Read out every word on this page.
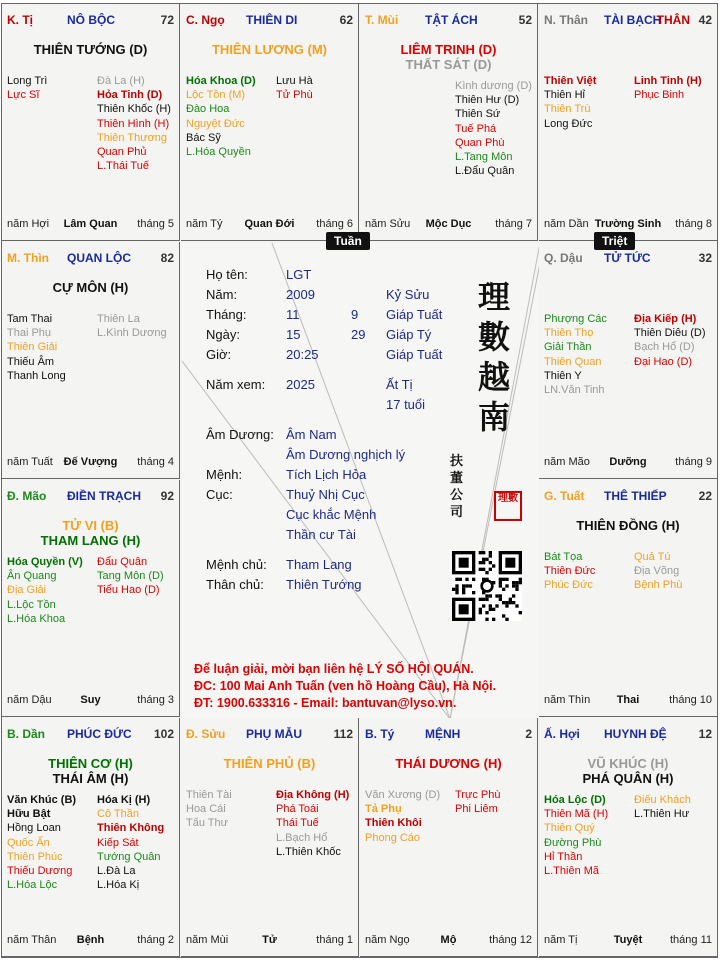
Họ tên:	LGT
Năm:	2009	Kỷ Sửu
Tháng:	11	9 Giáp Tuất
Ngày:	15	29 Giáp Tý
Giờ:	20:25	Giáp Tuất
Năm xem: 2025	Ất Tị
17 tuổi
Âm Dương: Âm Nam
Âm Dương nghịch lý
Mệnh:	Tích Lịch Hỏa
Cục:	Thuỷ Nhị Cục
Cục khắc Mệnh
Thần cư Tài
Mệnh chủ: Tham Lang
Thân chủ: Thiên Tướng
理
數
越
南
扶
董
公
司
理數
Để luận giải, mời bạn liên hệ LÝ SỐ HỘI QUÁN.
ĐC: 100 Mai Anh Tuấn (ven hồ Hoàng Cầu), Hà Nội.
ĐT: 1900.633316 - Email: bantuvan@lyso.vn.
K. Tị	NÔ BỘC	72
THIÊN TƯỚNG (D)
Long Trì
Lực Sĩ
Đà La (H)
Hỏa Tinh (D)
Thiên Khốc (H)
Thiên Hình (H)
Thiên Thương
Quan Phủ
L.Thái Tuế
năm Hợi	Lâm Quan	tháng 5
C. Ngọ THIÊN DI	62
THIÊN LƯƠNG (M)
Hóa Khoa (D)
Lộc Tồn (M)
Đào Hoa
Nguyệt Đức
Bác Sỹ
L.Hóa Quyền
Lưu Hà
Tử Phù
năm Tý	Quan Đới	tháng 6
T. Mùi TẬT ÁCH	52
LIÊM TRINH (D)
THẤT SÁT (D)
Kình dương (D)
Thiên Hư (D)
Thiên Sứ
Tuế Phá
Quan Phù
L.Tang Môn
L.Đẩu Quân
năm Sửu	Mộc Dục	tháng 7
N. Thân TÀI BẠCH
THÂN 42
Thiên Việt
Thiên Hỉ
Thiên Trù
Long Đức
Linh Tinh (H)
Phục Binh
năm Dần Trường Sinh	tháng 8
M. Thìn QUAN LỘC 82
CỰ MÔN (H)
Tam Thai
Thai Phụ
Thiên Giải
Thiếu Âm
Thanh Long
Thiên La
L.Kình Dương
năm Tuất Đế Vượng	tháng 4
Q. Dậu TỬ TỨC	32
Phượng Các
Thiên Thọ
Giải Thần
Thiên Quan
Thiên Y
LN.Văn Tinh
Địa Kiếp (H)
Thiên Diêu (D)
Bạch Hổ (D)
Đại Hao (D)
năm Mão	Dưỡng	tháng 9
Đ. Mão ĐIỀN TRẠCH 92
TỬ VI (B)
THAM LANG (H)
Hóa Quyền (V)
Ân Quang
Địa Giải
L.Lộc Tồn
L.Hóa Khoa
Đẩu Quân
Tang Môn (D)
Tiểu Hao (D)
năm Dậu	Suy	tháng 3
G. Tuất THÊ THIẾP	22
THIÊN ĐỒNG (H)
Bát Tọa
Thiên Đức
Phúc Đức
Quả Tú
Địa Võng
Bệnh Phù
năm Thìn	Thai	tháng 10
B. Dần PHÚC ĐỨC 102
THIÊN CƠ (H)
THÁI ÂM (H)
Văn Khúc (B)
Hữu Bật
Hồng Loan
Quốc Ấn
Thiên Phúc
Thiếu Dương
L.Hóa Lộc
Hóa Kị (H)
Cô Thần
Thiên Không
Kiếp Sát
Tướng Quân
L.Đà La
L.Hóa Kị
năm Thân	Bệnh	tháng 2
Đ. Sửu PHỤ MẪU	112
THIÊN PHỦ (B)
Thiên Tài
Hoa Cái
Tấu Thư
Địa Không (H)
Phá Toái
Thái Tuế
L.Bạch Hổ
L.Thiên Khốc
năm Mùi	Tử	tháng 1
B. Tý	MỆNH	2
THÁI DƯƠNG (H)
Văn Xương (D)
Tả Phụ
Thiên Khôi
Phong Cáo
Trực Phù
Phi Liêm
năm Ngọ	Mộ	tháng 12
Ấ. Hợi HUYNH ĐỆ	12
VŨ KHÚC (H)
PHÁ QUÂN (H)
Hóa Lộc (D)
Thiên Mã (H)
Thiên Quý
Đường Phù
Hỉ Thần
L.Thiên Mã
Điếu Khách
L.Thiên Hư
năm Tị	Tuyệt	tháng 11
Tuần	Triệt
